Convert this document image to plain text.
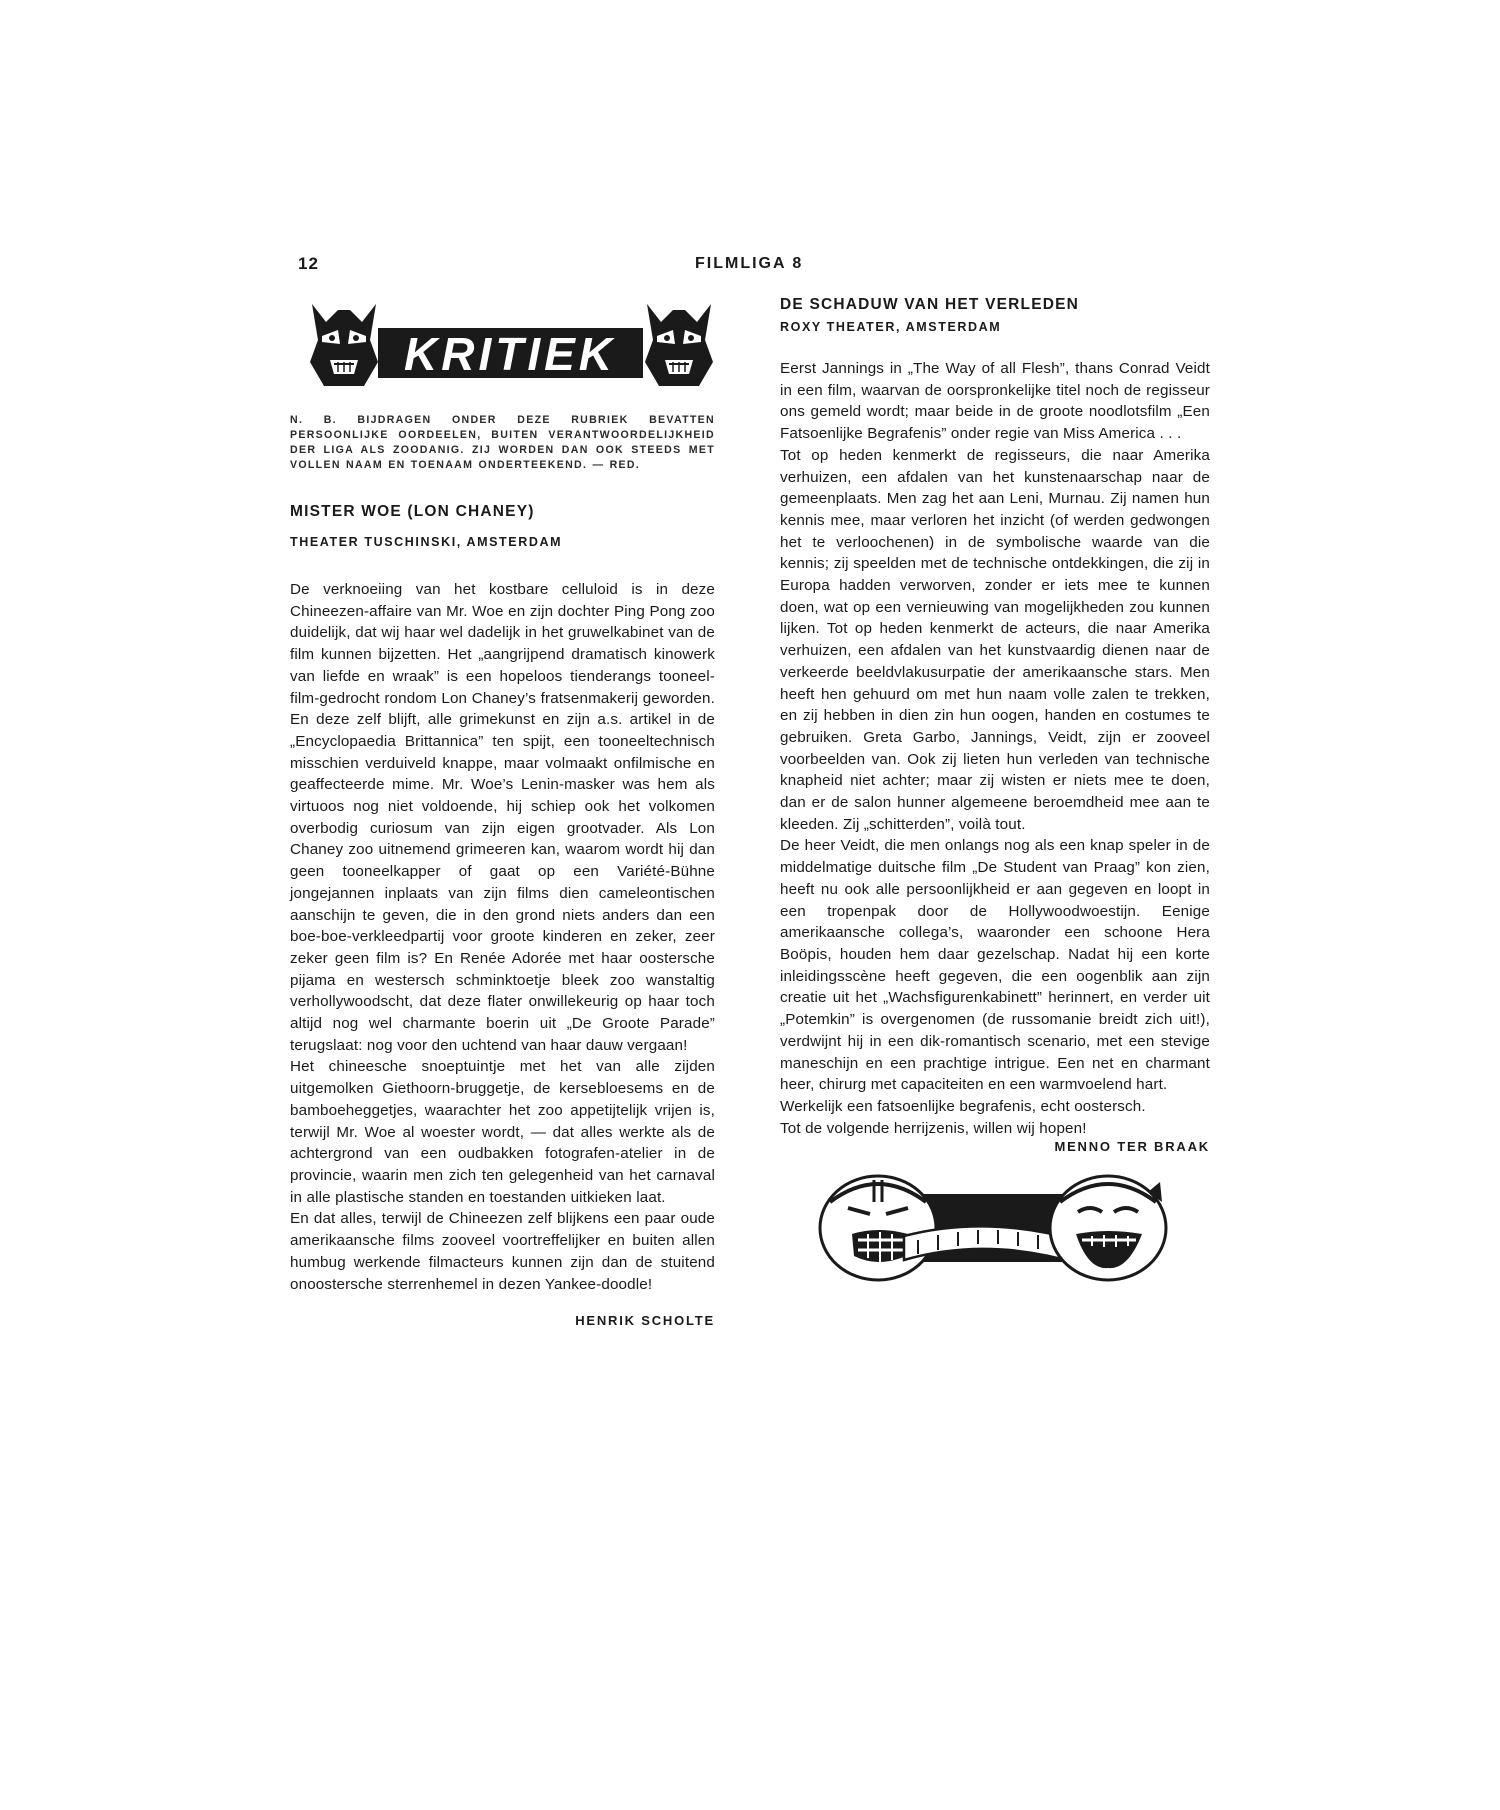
12	FILMLIGA 8
KRITIEK
N. B. BIJDRAGEN ONDER DEZE RUBRIEK BEVATTEN PERSOONLIJKE OORDEELEN, BUITEN VERANTWOORDELIJKHEID DER LIGA ALS ZOODANIG. ZIJ WORDEN DAN OOK STEEDS MET VOLLEN NAAM EN TOENAAM ONDERTEEKEND. — RED.
MISTER WOE (LON CHANEY)
THEATER TUSCHINSKI, AMSTERDAM

De verknoeiing van het kostbare celluloid is in deze Chineezen-affaire van Mr. Woe en zijn dochter Ping Pong zoo duidelijk, dat wij haar wel dadelijk in het gruwelkabinet van de film kunnen bijzetten. Het „aangrijpend dramatisch kinowerk van liefde en wraak” is een hopeloos tienderangs tooneel-film-gedrocht rondom Lon Chaney’s fratsenmakerij geworden. En deze zelf blijft, alle grimekunst en zijn a.s. artikel in de „Encyclopaedia Brittannica” ten spijt, een tooneeltechnisch misschien verduiveld knappe, maar volmaakt onfilmische en geaffecteerde mime. Mr. Woe’s Lenin-masker was hem als virtuoos nog niet voldoende, hij schiep ook het volkomen overbodig curiosum van zijn eigen grootvader. Als Lon Chaney zoo uitnemend grimeeren kan, waarom wordt hij dan geen tooneelkapper of gaat op een Variété-Bühne jongejannen inplaats van zijn films dien cameleontischen aanschijn te geven, die in den grond niets anders dan een boe-boe-verkleedpartij voor groote kinderen en zeker, zeer zeker geen film is? En Renée Adorée met haar oostersche pijama en westersch schminktoetje bleek zoo wanstaltig verhollywoodscht, dat deze flater onwillekeurig op haar toch altijd nog wel charmante boerin uit „De Groote Parade” terugslaat: nog voor den uchtend van haar dauw vergaan!

Het chineesche snoeptuintje met het van alle zijden uitgemolken Giethoorn-bruggetje, de kersebloesems en de bamboeheggetjes, waarachter het zoo appetijtelijk vrijen is, terwijl Mr. Woe al woester wordt, — dat alles werkte als de achtergrond van een oudbakken fotografen-atelier in de provincie, waarin men zich ten gelegenheid van het carnaval in alle plastische standen en toestanden uitkieken laat.

En dat alles, terwijl de Chineezen zelf blijkens een paar oude amerikaansche films zooveel voortreffelijker en buiten allen humbug werkende filmacteurs kunnen zijn dan de stuitend onoostersche sterrenhemel in dezen Yankee-doodle!

HENRIK SCHOLTE
DE SCHADUW VAN HET VERLEDEN
ROXY THEATER, AMSTERDAM

Eerst Jannings in „The Way of all Flesh”, thans Conrad Veidt in een film, waarvan de oorspronkelijke titel noch de regisseur ons gemeld wordt; maar beide in de groote noodlotsfilm „Een Fatsoenlijke Begrafenis” onder regie van Miss America . . .

Tot op heden kenmerkt de regisseurs, die naar Amerika verhuizen, een afdalen van het kunstenaarschap naar de gemeenplaats. Men zag het aan Leni, Murnau. Zij namen hun kennis mee, maar verloren het inzicht (of werden gedwongen het te verloochenen) in de symbolische waarde van die kennis; zij speelden met de technische ontdekkingen, die zij in Europa hadden verworven, zonder er iets mee te kunnen doen, wat op een vernieuwing van mogelijkheden zou kunnen lijken. Tot op heden kenmerkt de acteurs, die naar Amerika verhuizen, een afdalen van het kunstvaardig dienen naar de verkeerde beeldvlakusurpatie der amerikaansche stars. Men heeft hen gehuurd om met hun naam volle zalen te trekken, en zij hebben in dien zin hun oogen, handen en costumes te gebruiken. Greta Garbo, Jannings, Veidt, zijn er zooveel voorbeelden van. Ook zij lieten hun verleden van technische knapheid niet achter; maar zij wisten er niets mee te doen, dan er de salon hunner algemeene beroemdheid mee aan te kleeden. Zij „schitterden”, voilà tout.

De heer Veidt, die men onlangs nog als een knap speler in de middelmatige duitsche film „De Student van Praag” kon zien, heeft nu ook alle persoonlijkheid er aan gegeven en loopt in een tropenpak door de Hollywoodwoestijn. Eenige amerikaansche collega’s, waaronder een schoone Hera Boöpis, houden hem daar gezelschap. Nadat hij een korte inleidingsscène heeft gegeven, die een oogenblik aan zijn creatie uit het „Wachsfigurenkabinett” herinnert, en verder uit „Potemkin” is overgenomen (de russomanie breidt zich uit!), verdwijnt hij in een dik-romantisch scenario, met een stevige maneschijn en een prachtige intrigue. Een net en charmant heer, chirurg met capaciteiten en een warmvoelend hart.

Werkelijk een fatsoenlijke begrafenis, echt oostersch.

Tot de volgende herrijzenis, willen wij hopen!

MENNO TER BRAAK
